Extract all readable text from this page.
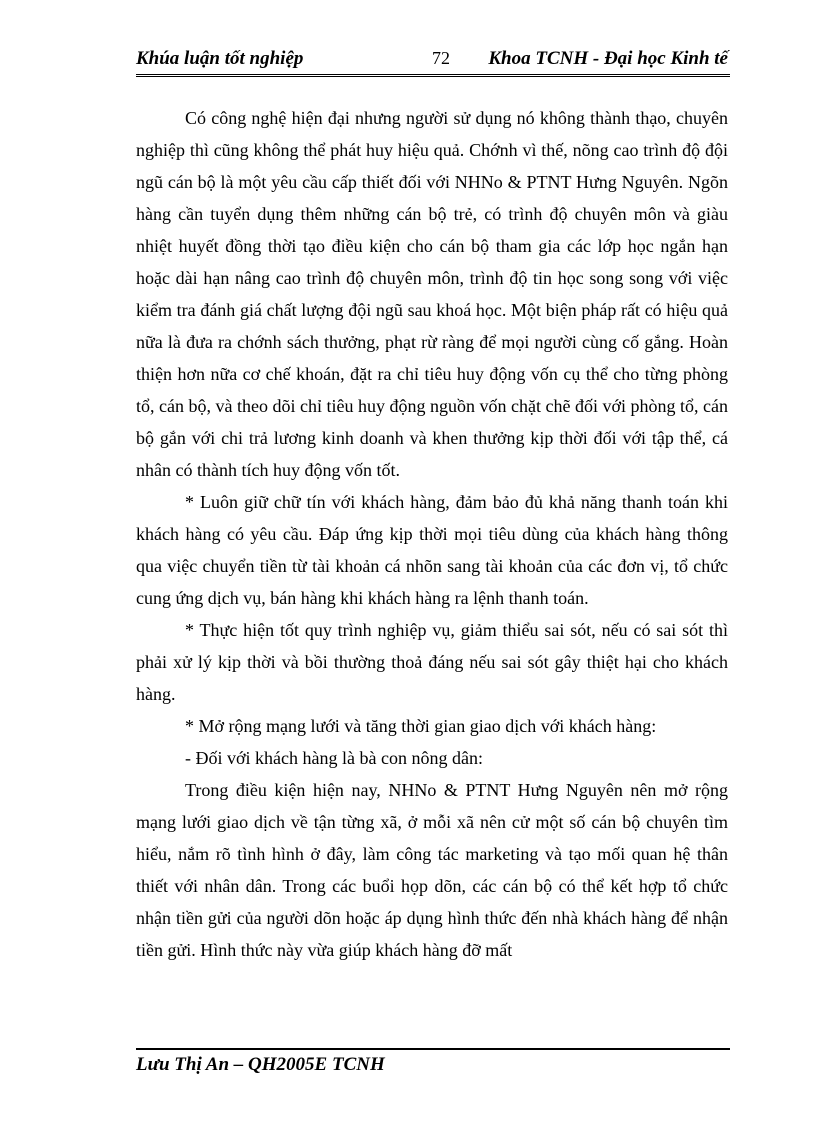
Khúa luận tốt nghiệp	72 Khoa TCNH - Đại học Kinh tế

Có công nghệ hiện đại nhưng người sử dụng nó không thành thạo, chuyên nghiệp thì cũng không thể phát huy hiệu quả. Chớnh vì thế, nõng cao trình độ đội ngũ cán bộ là một yêu cầu cấp thiết đối với NHNo & PTNT Hưng Nguyên. Ngõn hàng cần tuyển dụng thêm những cán bộ trẻ, có trình độ chuyên môn và giàu nhiệt huyết đồng thời tạo điều kiện cho cán bộ tham gia các lớp học ngắn hạn hoặc dài hạn nâng cao trình độ chuyên môn, trình độ tin học song song với việc kiểm tra đánh giá chất lượng đội ngũ sau khoá học. Một biện pháp rất có hiệu quả nữa là đưa ra chớnh sách thưởng, phạt rừ ràng để mọi người cùng cố gắng. Hoàn thiện hơn nữa cơ chế khoán, đặt ra chỉ tiêu huy động vốn cụ thể cho từng phòng tổ, cán bộ, và theo dõi chỉ tiêu huy động nguồn vốn chặt chẽ đối với phòng tổ, cán bộ gắn với chi trả lương kinh doanh và khen thưởng kịp thời đối với tập thể, cá nhân có thành tích huy động vốn tốt.

* Luôn giữ chữ tín với khách hàng, đảm bảo đủ khả năng thanh toán khi khách hàng có yêu cầu. Đáp ứng kịp thời mọi tiêu dùng của khách hàng thông qua việc chuyển tiền từ tài khoản cá nhõn sang tài khoản của các đơn vị, tổ chức cung ứng dịch vụ, bán hàng khi khách hàng ra lệnh thanh toán.

* Thực hiện tốt quy trình nghiệp vụ, giảm thiểu sai sót, nếu có sai sót thì phải xử lý kịp thời và bồi thường thoả đáng nếu sai sót gây thiệt hại cho khách hàng.

* Mở rộng mạng lưới và tăng thời gian giao dịch với khách hàng:

- Đối với khách hàng là bà con nông dân:

Trong điều kiện hiện nay, NHNo & PTNT Hưng Nguyên nên mở rộng mạng lưới giao dịch về tận từng xã, ở mỗi xã nên cử một số cán bộ chuyên tìm hiểu, nắm rõ tình hình ở đây, làm công tác marketing và tạo mối quan hệ thân thiết với nhân dân. Trong các buổi họp dõn, các cán bộ có thể kết hợp tổ chức nhận tiền gửi của người dõn hoặc áp dụng hình thức đến nhà khách hàng để nhận tiền gửi. Hình thức này vừa giúp khách hàng đỡ mất

Lưu Thị An – QH2005E TCNH
